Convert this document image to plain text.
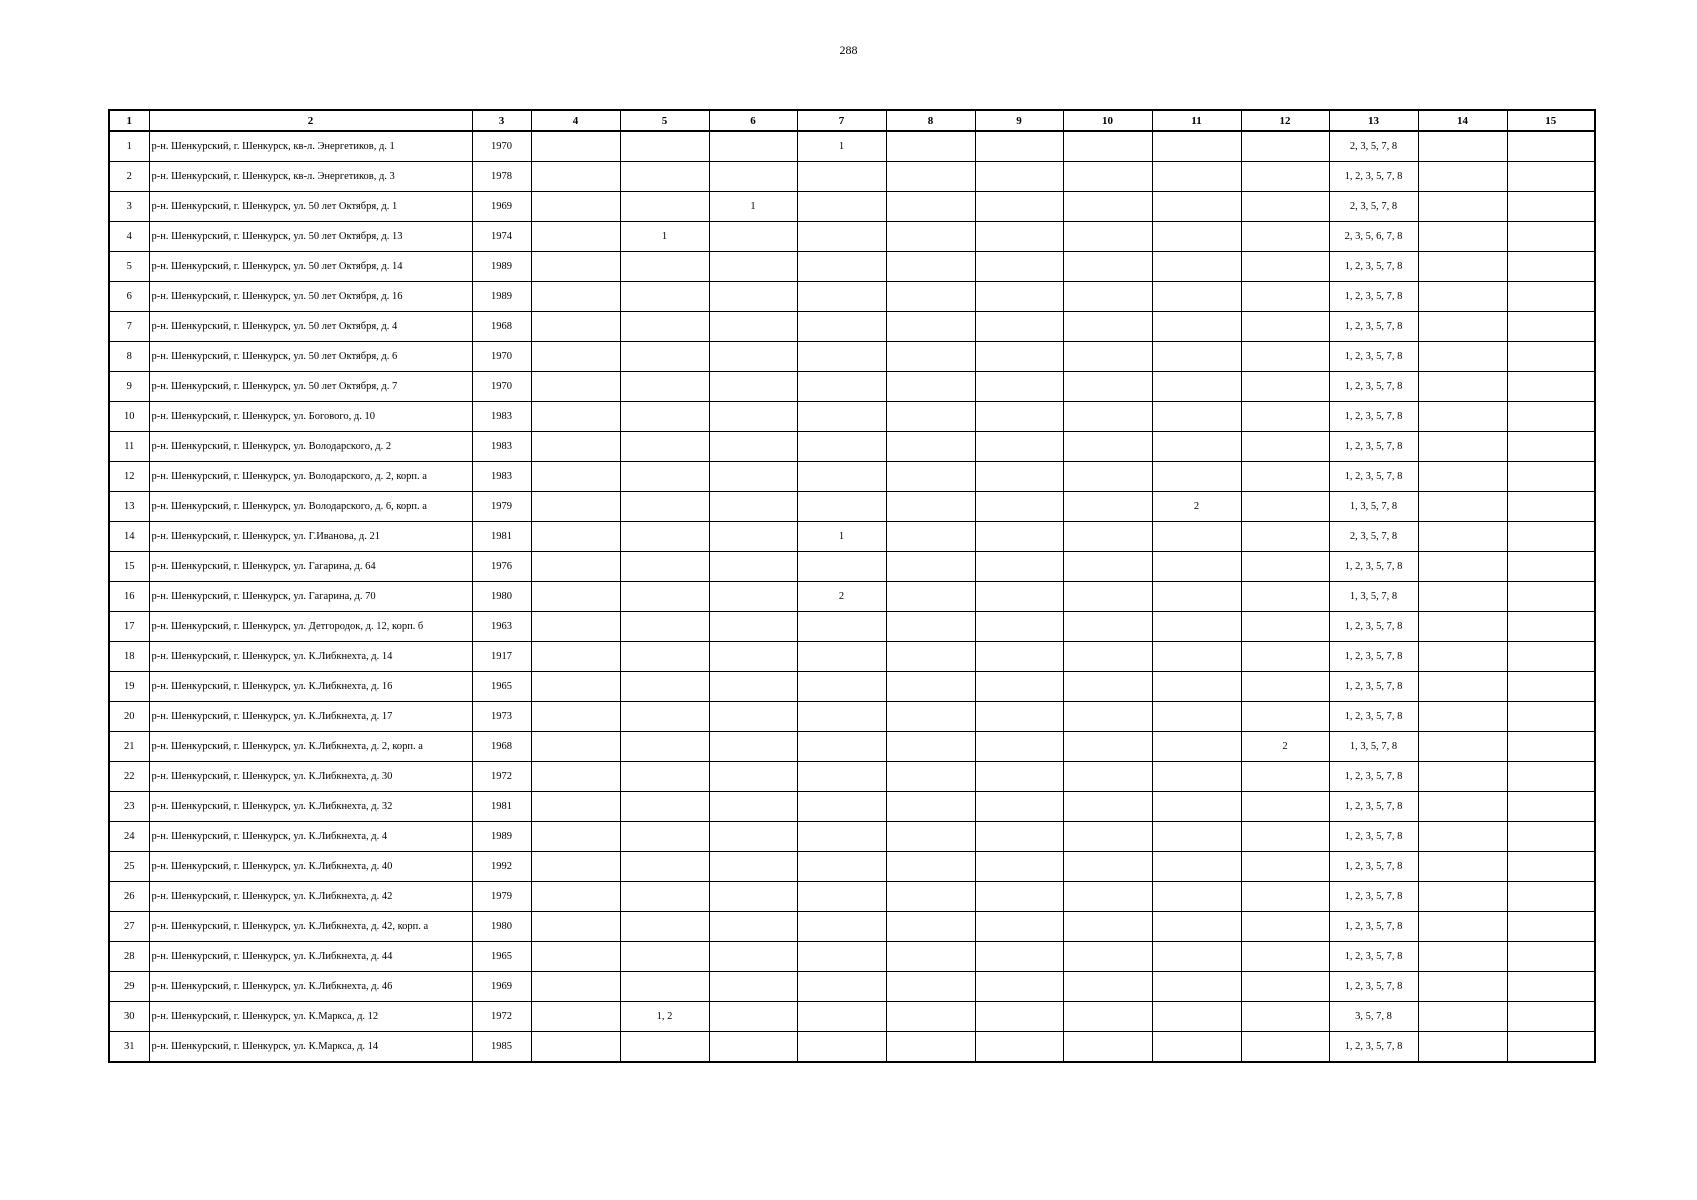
288
1	2	3	4	5	6	7	8	9	10	11	12	13	14	15
1	р-н. Шенкурский, г. Шенкурск, кв-л. Энергетиков, д. 1	1970				1						2, 3, 5, 7, 8		
2	р-н. Шенкурский, г. Шенкурск, кв-л. Энергетиков, д. 3	1978										1, 2, 3, 5, 7, 8		
3	р-н. Шенкурский, г. Шенкурск, ул. 50 лет Октября, д. 1	1969			1							2, 3, 5, 7, 8		
4	р-н. Шенкурский, г. Шенкурск, ул. 50 лет Октября, д. 13	1974		1								2, 3, 5, 6, 7, 8		
5	р-н. Шенкурский, г. Шенкурск, ул. 50 лет Октября, д. 14	1989										1, 2, 3, 5, 7, 8		
6	р-н. Шенкурский, г. Шенкурск, ул. 50 лет Октября, д. 16	1989										1, 2, 3, 5, 7, 8		
7	р-н. Шенкурский, г. Шенкурск, ул. 50 лет Октября, д. 4	1968										1, 2, 3, 5, 7, 8		
8	р-н. Шенкурский, г. Шенкурск, ул. 50 лет Октября, д. 6	1970										1, 2, 3, 5, 7, 8		
9	р-н. Шенкурский, г. Шенкурск, ул. 50 лет Октября, д. 7	1970										1, 2, 3, 5, 7, 8		
10	р-н. Шенкурский, г. Шенкурск, ул. Богового, д. 10	1983										1, 2, 3, 5, 7, 8		
11	р-н. Шенкурский, г. Шенкурск, ул. Володарского, д. 2	1983										1, 2, 3, 5, 7, 8		
12	р-н. Шенкурский, г. Шенкурск, ул. Володарского, д. 2, корп. а	1983										1, 2, 3, 5, 7, 8		
13	р-н. Шенкурский, г. Шенкурск, ул. Володарского, д. 6, корп. а	1979								2		1, 3, 5, 7, 8		
14	р-н. Шенкурский, г. Шенкурск, ул. Г.Иванова, д. 21	1981				1						2, 3, 5, 7, 8		
15	р-н. Шенкурский, г. Шенкурск, ул. Гагарина, д. 64	1976										1, 2, 3, 5, 7, 8		
16	р-н. Шенкурский, г. Шенкурск, ул. Гагарина, д. 70	1980				2						1, 3, 5, 7, 8		
17	р-н. Шенкурский, г. Шенкурск, ул. Детгородок, д. 12, корп. б	1963										1, 2, 3, 5, 7, 8		
18	р-н. Шенкурский, г. Шенкурск, ул. К.Либкнехта, д. 14	1917										1, 2, 3, 5, 7, 8		
19	р-н. Шенкурский, г. Шенкурск, ул. К.Либкнехта, д. 16	1965										1, 2, 3, 5, 7, 8		
20	р-н. Шенкурский, г. Шенкурск, ул. К.Либкнехта, д. 17	1973										1, 2, 3, 5, 7, 8		
21	р-н. Шенкурский, г. Шенкурск, ул. К.Либкнехта, д. 2, корп. а	1968									2	1, 3, 5, 7, 8		
22	р-н. Шенкурский, г. Шенкурск, ул. К.Либкнехта, д. 30	1972										1, 2, 3, 5, 7, 8		
23	р-н. Шенкурский, г. Шенкурск, ул. К.Либкнехта, д. 32	1981										1, 2, 3, 5, 7, 8		
24	р-н. Шенкурский, г. Шенкурск, ул. К.Либкнехта, д. 4	1989										1, 2, 3, 5, 7, 8		
25	р-н. Шенкурский, г. Шенкурск, ул. К.Либкнехта, д. 40	1992										1, 2, 3, 5, 7, 8		
26	р-н. Шенкурский, г. Шенкурск, ул. К.Либкнехта, д. 42	1979										1, 2, 3, 5, 7, 8		
27	р-н. Шенкурский, г. Шенкурск, ул. К.Либкнехта, д. 42, корп. а	1980										1, 2, 3, 5, 7, 8		
28	р-н. Шенкурский, г. Шенкурск, ул. К.Либкнехта, д. 44	1965										1, 2, 3, 5, 7, 8		
29	р-н. Шенкурский, г. Шенкурск, ул. К.Либкнехта, д. 46	1969										1, 2, 3, 5, 7, 8		
30	р-н. Шенкурский, г. Шенкурск, ул. К.Маркса, д. 12	1972		1, 2								3, 5, 7, 8		
31	р-н. Шенкурский, г. Шенкурск, ул. К.Маркса, д. 14	1985										1, 2, 3, 5, 7, 8		
